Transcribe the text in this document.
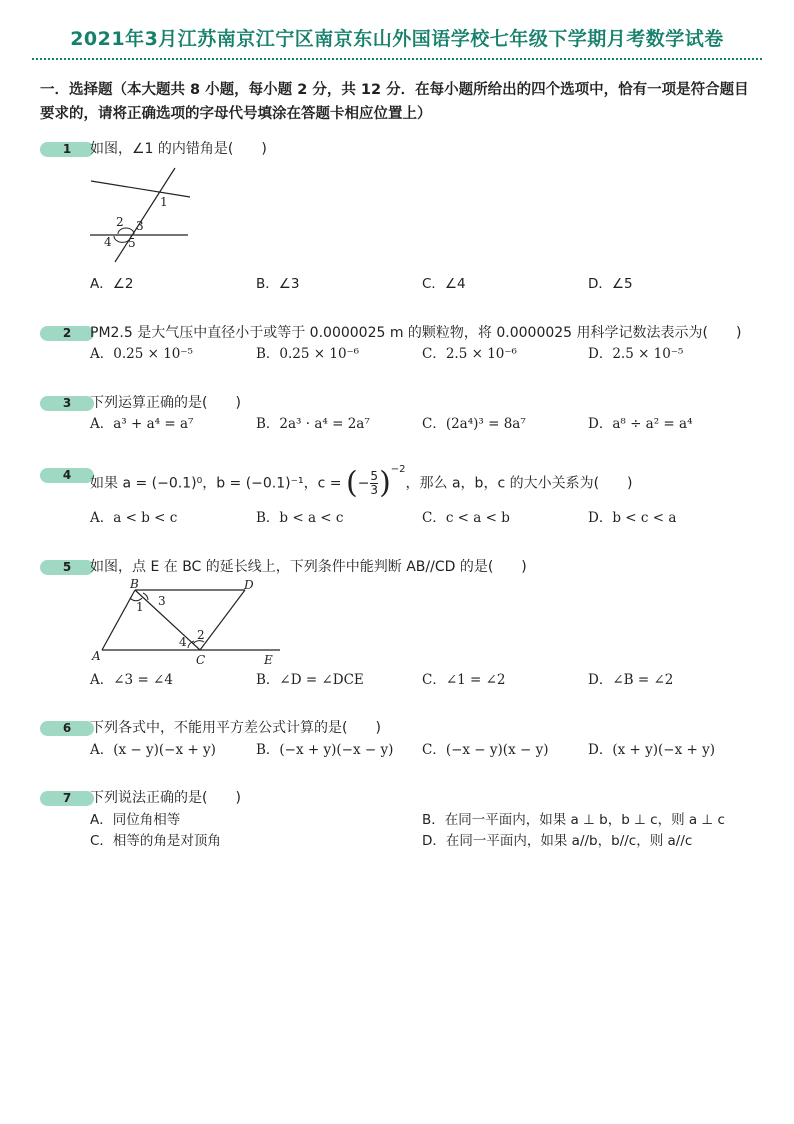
2021年3月江苏南京江宁区南京东山外国语学校七年级下学期月考数学试卷
一．选择题（本大题共 8 小题，每小题 2 分，共 12 分．在每小题所给出的四个选项中，恰有一项是符合题目要求的，请将正确选项的字母代号填涂在答题卡相应位置上）
1	如图，∠1 的内错角是(　　)
1
2 3
4 5
A．∠2	B．∠3	C．∠4	D．∠5
2	PM2.5 是大气压中直径小于或等于 0.0000025 m 的颗粒物，将 0.0000025 用科学记数法表示为(　　)
A．0.25 × 10⁻⁵	B．0.25 × 10⁻⁶	C．2.5 × 10⁻⁶	D．2.5 × 10⁻⁵
3	下列运算正确的是(　　)
A．a³ + a⁴ = a⁷	B．2a³ · a⁴ = 2a⁷	C．(2a⁴)³ = 8a⁷	D．a⁸ ÷ a² = a⁴
4
如果 a = (−0.1)⁰，b = (−0.1)⁻¹，c = (− $\frac{5}{3} )^{-2}$，那么 a，b，c 的大小关系为(　　)
A．a < b < c	B．b < a < c	C．c < a < b	D．b < c < a
5	如图，点 E 在 BC 的延长线上，下列条件中能判断 AB//CD 的是(　　)
B	D
1 3
2
4
A	C	E
A．∠3 = ∠4	B．∠D = ∠DCE	C．∠1 = ∠2	D．∠B = ∠2
6	下列各式中，不能用平方差公式计算的是(　　)
A．(x − y)(−x + y)	B．(−x + y)(−x − y) C．(−x − y)(x − y)	D．(x + y)(−x + y)
7	下列说法正确的是(　　)
A．同位角相等	B．在同一平面内，如果 a ⊥ b，b ⊥ c，则 a ⊥ c
C．相等的角是对顶角	D．在同一平面内，如果 a//b，b//c，则 a//c
